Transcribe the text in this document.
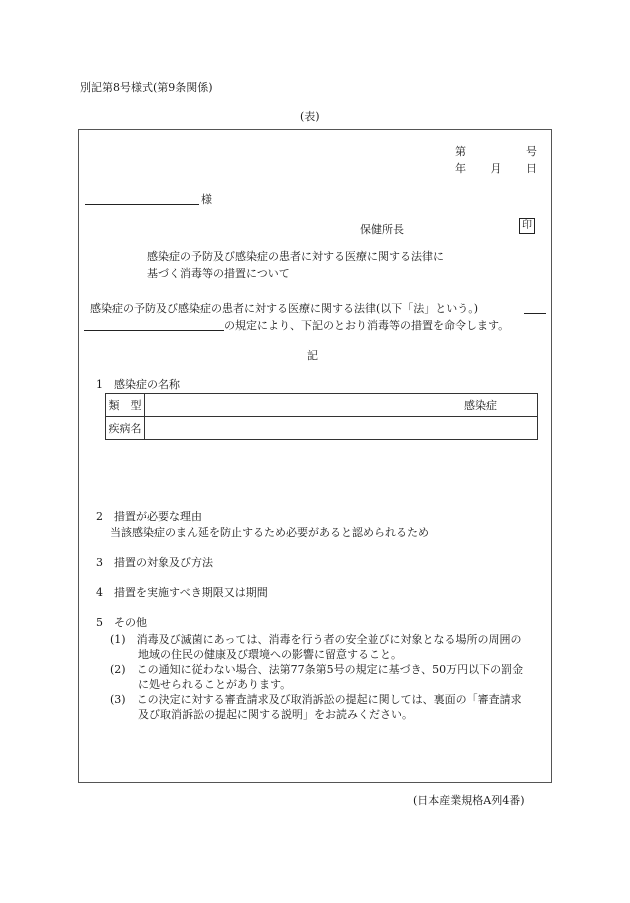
別記第8号様式(第9条関係)
(表)
第	号
年 月 日
様
保健所長	印
感染症の予防及び感染症の患者に対する医療に関する法律に
基づく消毒等の措置について
感染症の予防及び感染症の患者に対する医療に関する法律(以下「法」という。)
の規定により、下記のとおり消毒等の措置を命令します。
記
1　感染症の名称
類　型	感染症
疾病名	
2　措置が必要な理由
当該感染症のまん延を防止するため必要があると認められるため
3　措置の対象及び方法
4　措置を実施すべき期限又は期間
5　その他
(1)　消毒及び滅菌にあっては、消毒を行う者の安全並びに対象となる場所の周囲の
地域の住民の健康及び環境への影響に留意すること。
(2)　この通知に従わない場合、法第77条第5号の規定に基づき、50万円以下の罰金
に処せられることがあります。
(3)　この決定に対する審査請求及び取消訴訟の提起に関しては、裏面の「審査請求
及び取消訴訟の提起に関する説明」をお読みください。
(日本産業規格A列4番)
